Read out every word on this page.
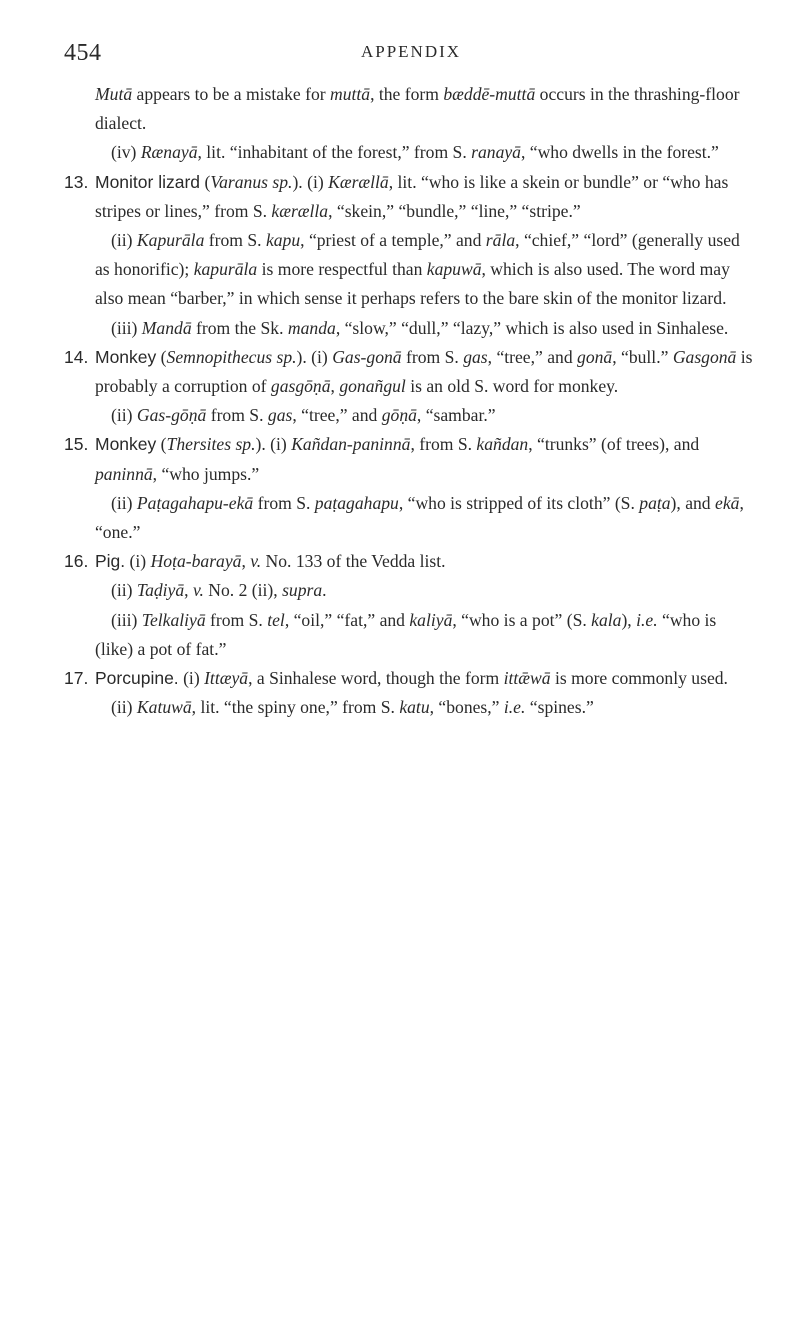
454	APPENDIX

Mutā appears to be a mistake for muttā, the form bæddē-muttā occurs in the thrashing-floor dialect.

(iv) Rænayā, lit. “inhabitant of the forest,” from S. ranayā, “who dwells in the forest.”

13. Monitor lizard (Varanus sp.). (i) Kærællā, lit. “who is like a skein or bundle” or “who has stripes or lines,” from S. kærælla, “skein,” “bundle,” “line,” “stripe.”

(ii) Kapurāla from S. kapu, “priest of a temple,” and rāla, “chief,” “lord” (generally used as honorific); kapurāla is more respectful than kapuwā, which is also used. The word may also mean “barber,” in which sense it perhaps refers to the bare skin of the monitor lizard.

(iii) Mandā from the Sk. manda, “slow,” “dull,” “lazy,” which is also used in Sinhalese.

14. Monkey (Semnopithecus sp.). (i) Gas-gonā from S. gas, “tree,” and gonā, “bull.” Gasgonā is probably a corruption of gasgōṇā, gonañgul is an old S. word for monkey.

(ii) Gas-gōṇā from S. gas, “tree,” and gōṇā, “sambar.”

15. Monkey (Thersites sp.). (i) Kañdan-paninnā, from S. kañdan, “trunks” (of trees), and paninnā, “who jumps.”

(ii) Paṭagahapu-ekā from S. paṭagahapu, “who is stripped of its cloth” (S. paṭa), and ekā, “one.”

16. Pig. (i) Hoṭa-barayā, v. No. 133 of the Vedda list.

(ii) Taḍiyā, v. No. 2 (ii), supra.

(iii) Telkaliyā from S. tel, “oil,” “fat,” and kaliyā, “who is a pot” (S. kala), i.e. “who is (like) a pot of fat.”

17. Porcupine. (i) Ittæyā, a Sinhalese word, though the form ittǣwā is more commonly used.

(ii) Katuwā, lit. “the spiny one,” from S. katu, “bones,” i.e. “spines.”
